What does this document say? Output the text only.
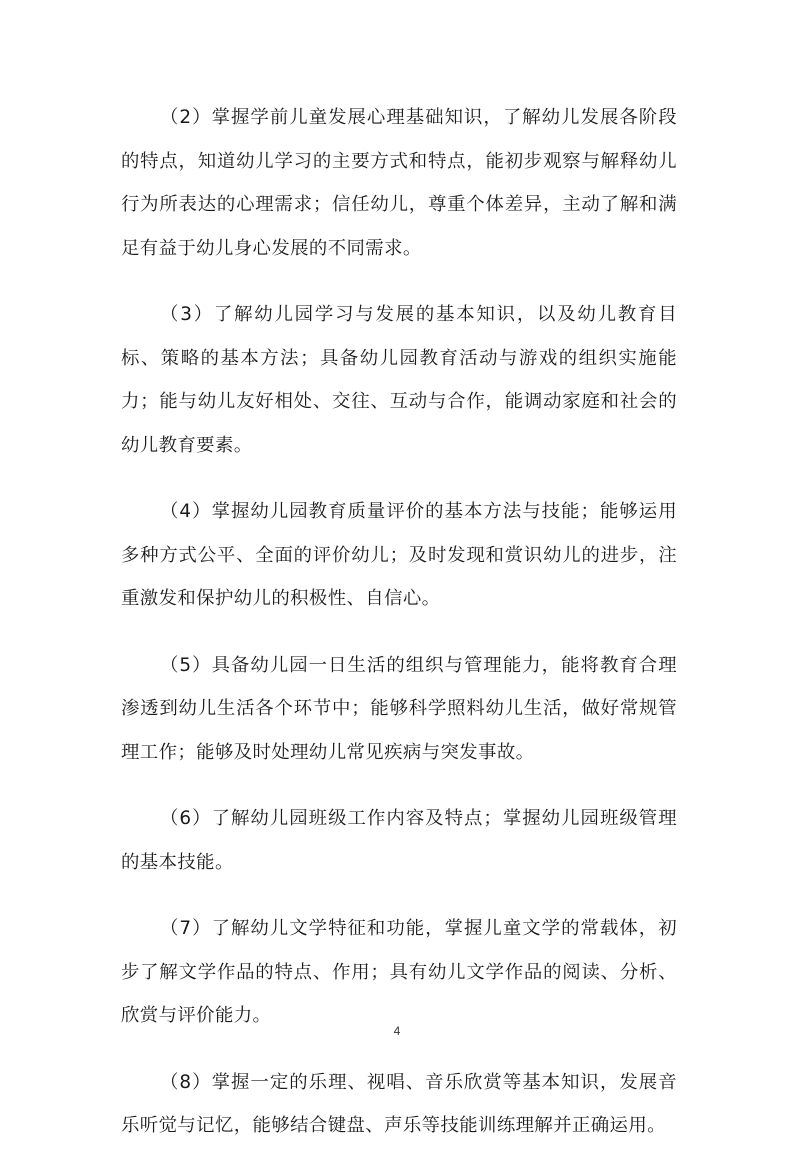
（2）掌握学前儿童发展心理基础知识，了解幼儿发展各阶段的特点，知道幼儿学习的主要方式和特点，能初步观察与解释幼儿行为所表达的心理需求；信任幼儿，尊重个体差异，主动了解和满足有益于幼儿身心发展的不同需求。

（3）了解幼儿园学习与发展的基本知识，以及幼儿教育目标、策略的基本方法；具备幼儿园教育活动与游戏的组织实施能力；能与幼儿友好相处、交往、互动与合作，能调动家庭和社会的幼儿教育要素。

（4）掌握幼儿园教育质量评价的基本方法与技能；能够运用多种方式公平、全面的评价幼儿；及时发现和赏识幼儿的进步，注重激发和保护幼儿的积极性、自信心。

（5）具备幼儿园一日生活的组织与管理能力，能将教育合理渗透到幼儿生活各个环节中；能够科学照料幼儿生活，做好常规管理工作；能够及时处理幼儿常见疾病与突发事故。

（6）了解幼儿园班级工作内容及特点；掌握幼儿园班级管理的基本技能。

（7）了解幼儿文学特征和功能，掌握儿童文学的常载体，初步了解文学作品的特点、作用；具有幼儿文学作品的阅读、分析、欣赏与评价能力。

（8）掌握一定的乐理、视唱、音乐欣赏等基本知识，发展音乐听觉与记忆，能够结合键盘、声乐等技能训练理解并正确运用。

4
